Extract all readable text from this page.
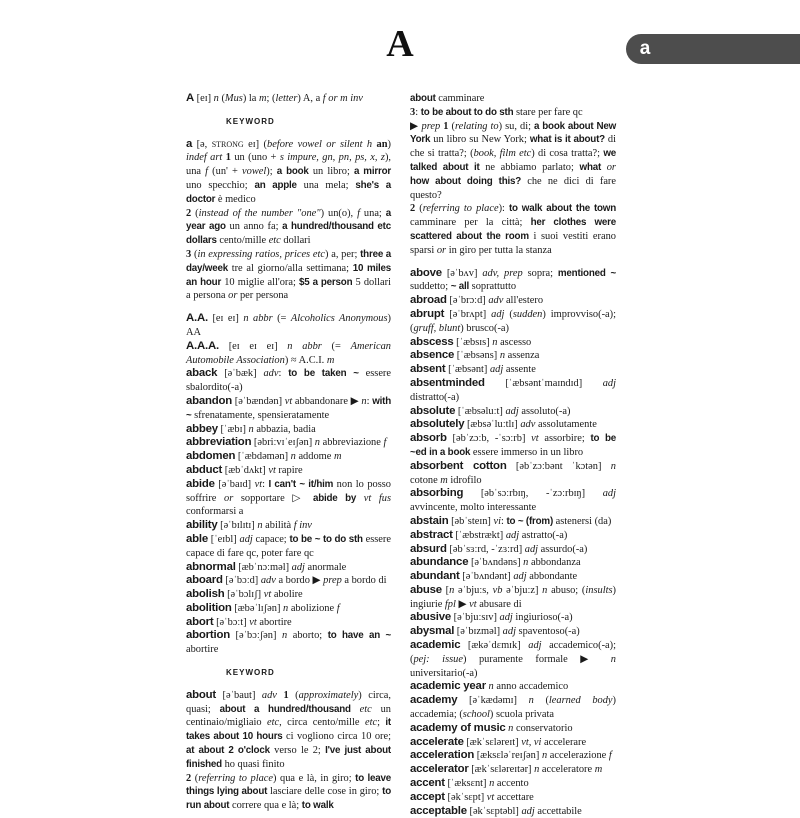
A	a
A [eɪ] n (Mus) la m; (letter) A, a f or m inv
KEYWORD
a [ə, STRONG eɪ] (before vowel or silent h an) indef art 1 un (uno + s impure, gn, pn, ps, x, z), una f (un' + vowel); a book un libro; a mirror uno specchio; an apple una mela; she's a doctor è medico
2 (instead of the number "one") un(o), f una; a year ago un anno fa; a hundred/thousand etc dollars cento/mille etc dollari
3 (in expressing ratios, prices etc) a, per; three a day/week tre al giorno/alla settimana; 10 miles an hour 10 miglie all'ora; $5 a person 5 dollari a persona or per persona
A.A. [eɪ eɪ] n abbr (= Alcoholics Anonymous) AA
A.A.A. [eɪ eɪ eɪ] n abbr (= American Automobile Association) ≈ A.C.I. m
aback [əˈbæk] adv: to be taken ~ essere sbalordito(-a)
abandon [əˈbændən] vt abbandonare ▶ n: with ~ sfrenatamente, spensieratamente
abbey [ˈæbɪ] n abbazia, badia
abbreviation [əbriːvɪˈeɪʃən] n abbreviazione f
abdomen [ˈæbdəmən] n addome m
abduct [æbˈdʌkt] vt rapire
abide [əˈbaɪd] vt: I can't ~ it/him non lo posso soffrire or sopportare ▷ abide by vt fus conformarsi a
ability [əˈbɪlɪtɪ] n abilità f inv
able [ˈeɪbl] adj capace; to be ~ to do sth essere capace di fare qc, poter fare qc
abnormal [æbˈnɔːməl] adj anormale
aboard [əˈbɔːd] adv a bordo ▶ prep a bordo di
abolish [əˈbɔlɪʃ] vt abolire
abolition [æbəˈlɪʃən] n abolizione f
abort [əˈbɔːt] vt abortire
abortion [əˈbɔːʃən] n aborto; to have an ~ abortire
KEYWORD
about [əˈbaut] adv 1 (approximately) circa, quasi; about a hundred/thousand etc un centinaio/migliaio etc, circa cento/mille etc; it takes about 10 hours ci vogliono circa 10 ore; at about 2 o'clock verso le 2; I've just about finished ho quasi finito
2 (referring to place) qua e là, in giro; to leave things lying about lasciare delle cose in giro; to run about correre qua e là; to walk
about camminare
3: to be about to do sth stare per fare qc
▶ prep 1 (relating to) su, di; a book about New York un libro su New York; what is it about? di che si tratta?; (book, film etc) di cosa tratta?; we talked about it ne abbiamo parlato; what or how about doing this? che ne dici di fare questo?
2 (referring to place): to walk about the town camminare per la città; her clothes were scattered about the room i suoi vestiti erano sparsi or in giro per tutta la stanza
above [əˈbʌv] adv, prep sopra; mentioned ~ suddetto; ~ all soprattutto
abroad [əˈbrɔːd] adv all'estero
abrupt [əˈbrʌpt] adj (sudden) improvviso(-a); (gruff, blunt) brusco(-a)
abscess [ˈæbsɪs] n ascesso
absence [ˈæbsəns] n assenza
absent [ˈæbsənt] adj assente
absentminded [ˈæbsəntˈmaɪndɪd] adj distratto(-a)
absolute [ˈæbsəluːt] adj assoluto(-a)
absolutely [æbsəˈluːtlɪ] adv assolutamente
absorb [əbˈzɔːb, -ˈsɔːrb] vt assorbire; to be ~ed in a book essere immerso in un libro
absorbent cotton [əbˈzɔːbənt ˈkɔtən] n cotone m idrofilo
absorbing [əbˈsɔːrbɪŋ, -ˈzɔːrbɪŋ] adj avvincente, molto interessante
abstain [əbˈsteɪn] vi: to ~ (from) astenersi (da)
abstract [ˈæbstrækt] adj astratto(-a)
absurd [əbˈsɜːrd, -ˈzɜːrd] adj assurdo(-a)
abundance [əˈbʌndəns] n abbondanza
abundant [əˈbʌndənt] adj abbondante
abuse [n əˈbjuːs, vb əˈbjuːz] n abuso; (insults) ingiurie fpl ▶ vt abusare di
abusive [əˈbjuːsɪv] adj ingiurioso(-a)
abysmal [əˈbɪzməl] adj spaventoso(-a)
academic [ækəˈdɛmɪk] adj accademico(-a); (pej: issue) puramente formale ▶ n universitario(-a)
academic year n anno accademico
academy [əˈkædəmɪ] n (learned body) accademia; (school) scuola privata
academy of music n conservatorio
accelerate [ækˈsɛləreɪt] vt, vi accelerare
acceleration [æksɛləˈreɪʃən] n accelerazione f
accelerator [ækˈsɛləreɪtər] n acceleratore m
accent [ˈæksɛnt] n accento
accept [əkˈsɛpt] vt accettare
acceptable [əkˈsɛptəbl] adj accettabile
